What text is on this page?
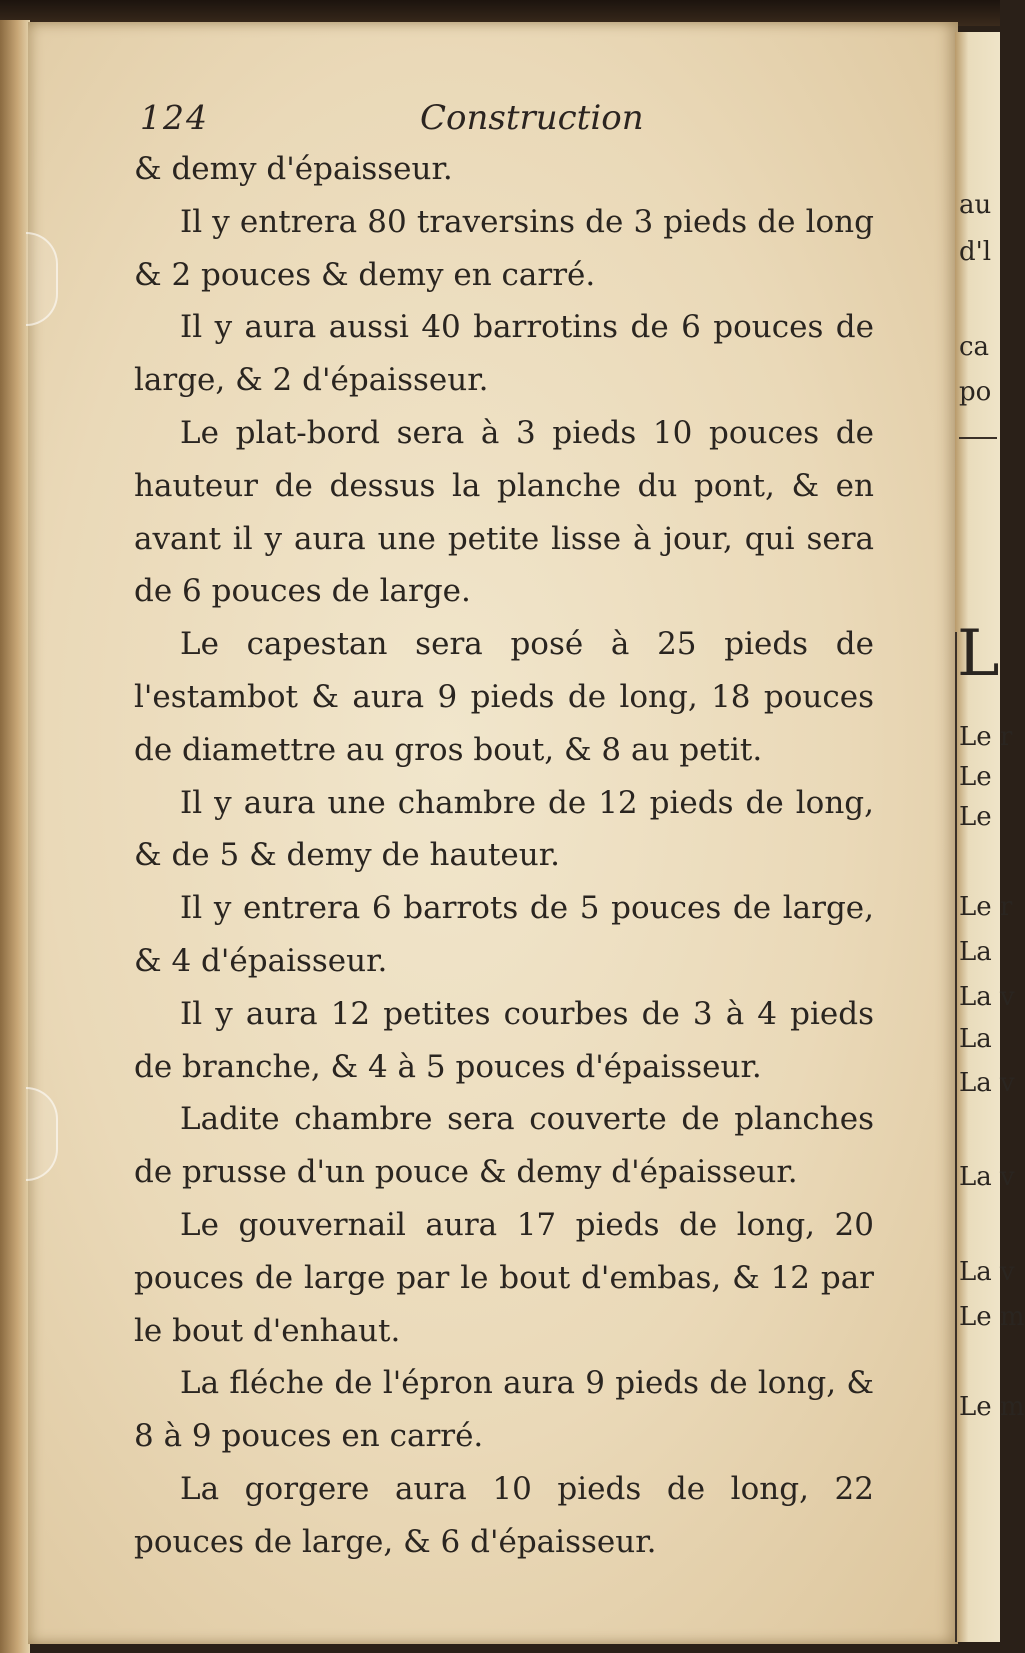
au
d'l
ca
po
L
Le r
Le
Le
Le r
La
La v
La
La v
La v
La v
Le m
Le m
124	Construction

& demy d'épaisseur.

Il y entrera 80 traversins de 3 pieds de long & 2 pouces & demy en carré.

Il y aura aussi 40 barrotins de 6 pouces de large, & 2 d'épaisseur.

Le plat-bord sera à 3 pieds 10 pouces de hauteur de dessus la planche du pont, & en avant il y aura une petite lisse à jour, qui sera de 6 pouces de large.

Le capestan sera posé à 25 pieds de l'estambot & aura 9 pieds de long, 18 pouces de diamettre au gros bout, & 8 au petit.

Il y aura une chambre de 12 pieds de long, & de 5 & demy de hauteur.

Il y entrera 6 barrots de 5 pouces de large, & 4 d'épaisseur.

Il y aura 12 petites courbes de 3 à 4 pieds de branche, & 4 à 5 pouces d'épaisseur.

Ladite chambre sera couverte de planches de prusse d'un pouce & demy d'épaisseur.

Le gouvernail aura 17 pieds de long, 20 pouces de large par le bout d'embas, & 12 par le bout d'enhaut.

La fléche de l'épron aura 9 pieds de long, & 8 à 9 pouces en carré.

La gorgere aura 10 pieds de long, 22 pouces de large, & 6 d'épaisseur.
